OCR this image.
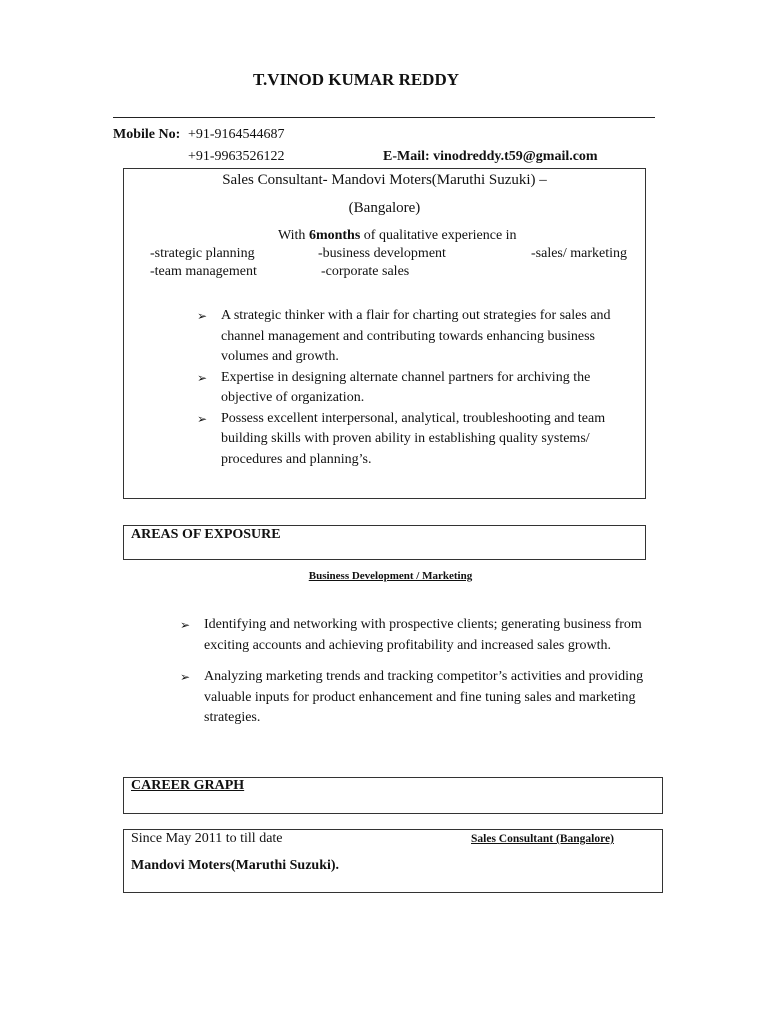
T.VINOD KUMAR REDDY
Mobile No: +91-9164544687
+91-9963526122	E-Mail: vinodreddy.t59@gmail.com
Sales Consultant- Mandovi Moters(Maruthi Suzuki) –
(Bangalore)
With 6months of qualitative experience in
-strategic planning	-business development	-sales/ marketing
-team management	-corporate sales
➢ A strategic thinker with a flair for charting out strategies for sales and channel management and contributing towards enhancing business volumes and growth.
➢ Expertise in designing alternate channel partners for archiving the objective of organization.
➢ Possess excellent interpersonal, analytical, troubleshooting and team building skills with proven ability in establishing quality systems/ procedures and planning’s.
AREAS OF EXPOSURE
Business Development / Marketing
➢ Identifying and networking with prospective clients; generating business from exciting accounts and achieving profitability and increased sales growth.
➢ Analyzing marketing trends and tracking competitor’s activities and providing valuable inputs for product enhancement and fine tuning sales and marketing strategies.
CAREER GRAPH
Since May 2011 to till date	Sales Consultant (Bangalore)
Mandovi Moters(Maruthi Suzuki).
